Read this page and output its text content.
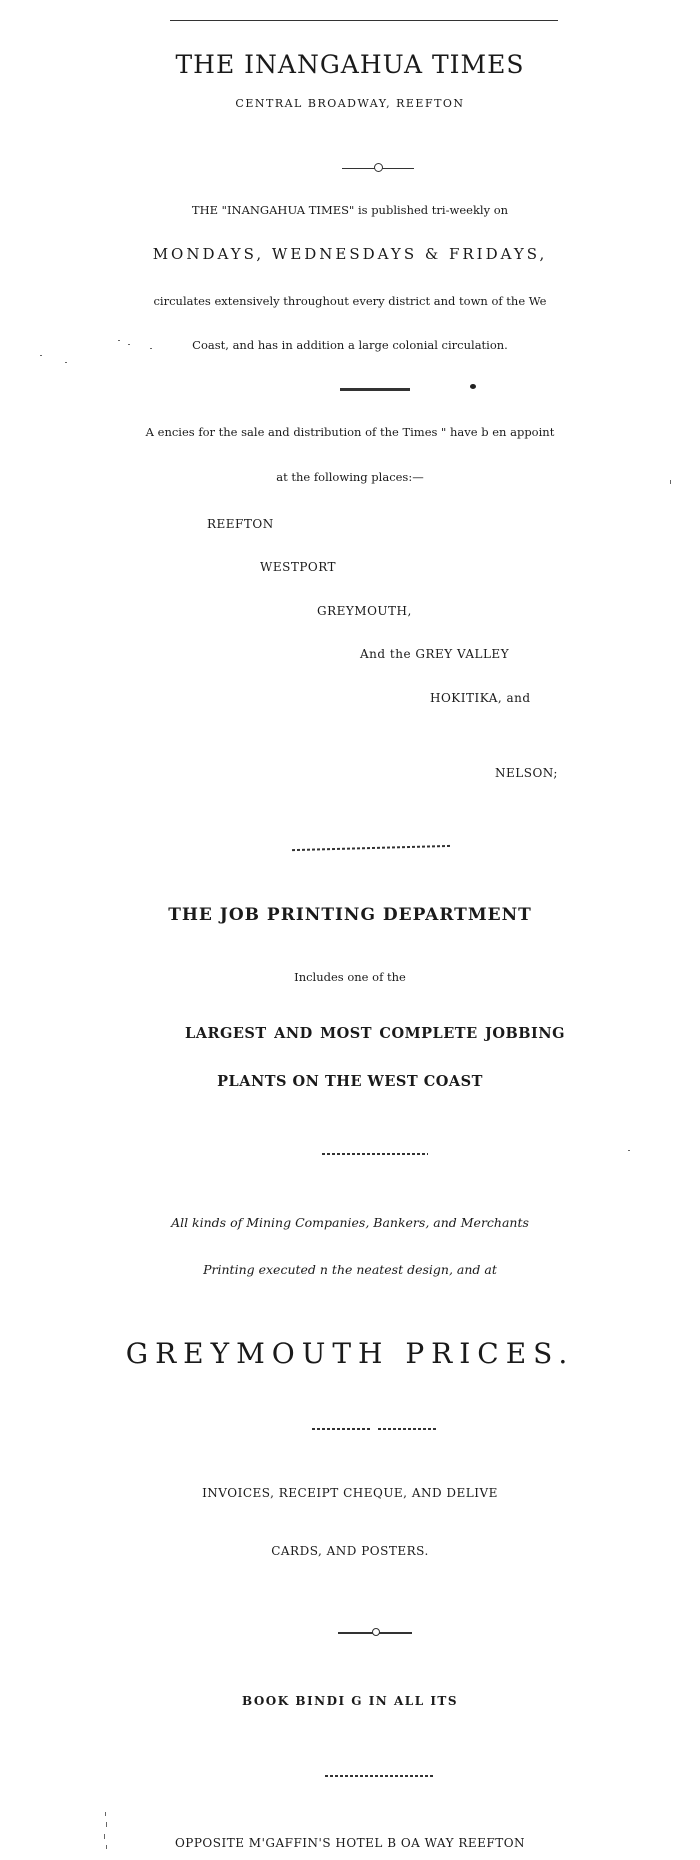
THE INANGAHUA TIMES
CENTRAL BROADWAY, REEFTON
THE "INANGAHUA TIMES" is published tri-weekly on
MONDAYS, WEDNESDAYS & FRIDAYS,
circulates extensively throughout every district and town of the We
Coast, and has in addition a large colonial circulation.
A encies for the sale and distribution of the Times " have b en appoint
at the following places:—
REEFTON
WESTPORT
GREYMOUTH,
And the GREY VALLEY
HOKITIKA, and
NELSON;
THE JOB PRINTING DEPARTMENT
Includes one of the
LARGEST AND MOST COMPLETE JOBBING
PLANTS ON THE WEST COAST
All kinds of Mining Companies, Bankers, and Merchants
Printing executed n the neatest design, and at
GREYMOUTH PRICES.
INVOICES, RECEIPT CHEQUE, AND DELIVE
CARDS, AND POSTERS.
BOOK BINDI G IN ALL ITS
OPPOSITE M'GAFFIN'S HOTEL B OA WAY REEFTON
